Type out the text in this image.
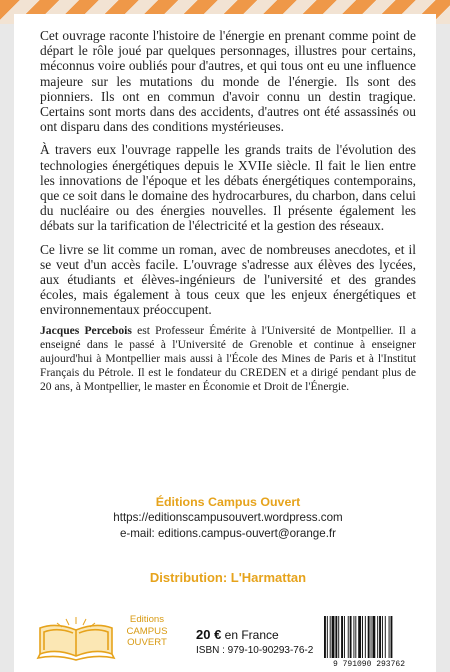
Cet ouvrage raconte l'histoire de l'énergie en prenant comme point de départ le rôle joué par quelques personnages, illustres pour certains, méconnus voire oubliés pour d'autres, et qui tous ont eu une influence majeure sur les mutations du monde de l'énergie. Ils sont des pionniers. Ils ont en commun d'avoir connu un destin tragique. Certains sont morts dans des accidents, d'autres ont été assassinés ou ont disparu dans des conditions mystérieuses.

À travers eux l'ouvrage rappelle les grands traits de l'évolution des technologies énergétiques depuis le XVIIe siècle. Il fait le lien entre les innovations de l'époque et les débats énergétiques contemporains, que ce soit dans le domaine des hydrocarbures, du charbon, dans celui du nucléaire ou des énergies nouvelles. Il présente également les débats sur la tarification de l'électricité et la gestion des réseaux.

Ce livre se lit comme un roman, avec de nombreuses anecdotes, et il se veut d'un accès facile. L'ouvrage s'adresse aux élèves des lycées, aux étudiants et élèves-ingénieurs de l'université et des grandes écoles, mais également à tous ceux que les enjeux énergétiques et environnementaux préoccupent.

Jacques Percebois est Professeur Émérite à l'Université de Montpellier. Il a enseigné dans le passé à l'Université de Grenoble et continue à enseigner aujourd'hui à Montpellier mais aussi à l'École des Mines de Paris et à l'Institut Français du Pétrole. Il est le fondateur du CREDEN et a dirigé pendant plus de 20 ans, à Montpellier, le master en Économie et Droit de l'Énergie.
Éditions Campus Ouvert
https://editionscampusouvert.wordpress.com
e-mail: editions.campus-ouvert@orange.fr
Distribution: L'Harmattan
Editions
CAMPUS
OUVERT
20 € en France
ISBN : 979-10-90293-76-2
9 791090 293762
